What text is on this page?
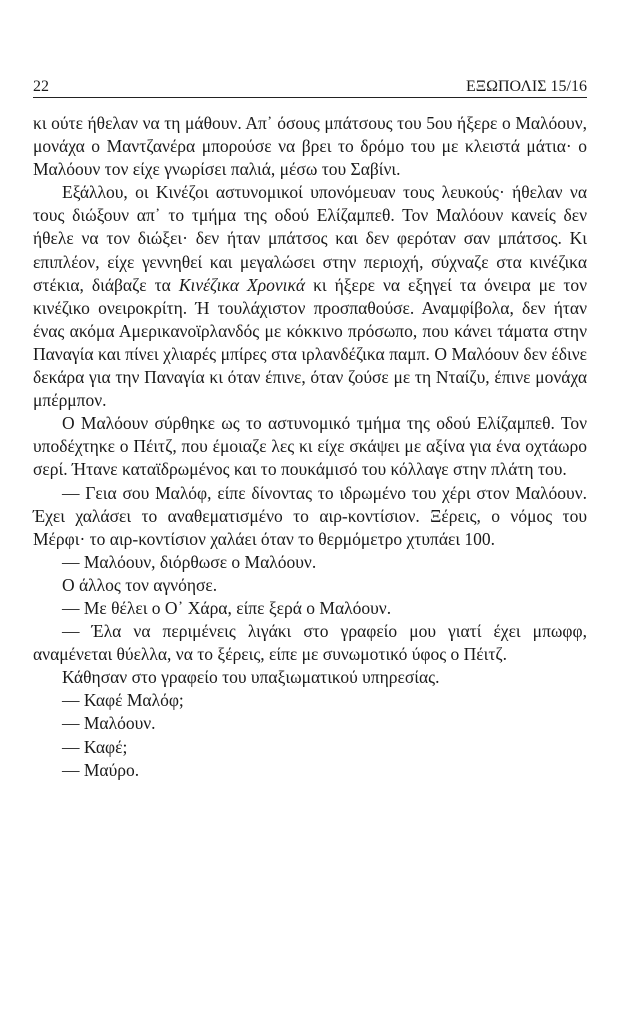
22	ΕΞΩΠΟΛΙΣ 15/16

κι ούτε ήθελαν να τη μάθουν. Απ᾽ όσους μπάτσους του 5ου ήξερε ο Μαλόουν, μονάχα ο Μαντζανέρα μπορούσε να βρει το δρόμο του με κλειστά μάτια· ο Μαλόουν τον είχε γνωρίσει παλιά, μέσω του Σαβίνι.

Εξάλλου, οι Κινέζοι αστυνομικοί υπονόμευαν τους λευκούς· ήθελαν να τους διώξουν απ᾽ το τμήμα της οδού Ελίζαμπεθ. Τον Μαλόουν κανείς δεν ήθελε να τον διώξει· δεν ήταν μπάτσος και δεν φερόταν σαν μπάτσος. Κι επιπλέον, είχε γεννηθεί και μεγαλώσει στην περιοχή, σύχναζε στα κινέζικα στέκια, διάβαζε τα Κινέζικα Χρονικά κι ήξερε να εξηγεί τα όνειρα με τον κινέζικο ονειροκρίτη. Ή τουλάχιστον προσπαθούσε. Αναμφίβολα, δεν ήταν ένας ακόμα Αμερικανοϊρλανδός με κόκκινο πρόσωπο, που κάνει τάματα στην Παναγία και πίνει χλιαρές μπίρες στα ιρλανδέζικα παμπ. Ο Μαλόουν δεν έδινε δεκάρα για την Παναγία κι όταν έπινε, όταν ζούσε με τη Νταίζυ, έπινε μονάχα μπέρμπον.

Ο Μαλόουν σύρθηκε ως το αστυνομικό τμήμα της οδού Ελίζαμπεθ. Τον υποδέχτηκε ο Πέιτζ, που έμοιαζε λες κι είχε σκάψει με αξίνα για ένα οχτάωρο σερί. Ήτανε καταϊδρωμένος και το πουκάμισό του κόλλαγε στην πλάτη του.

— Γεια σου Μαλόφ, είπε δίνοντας το ιδρωμένο του χέρι στον Μαλόουν. Έχει χαλάσει το αναθεματισμένο το αιρ-κοντίσιον. Ξέρεις, ο νόμος του Μέρφι· το αιρ-κοντίσιον χαλάει όταν το θερμόμετρο χτυπάει 100.

— Μαλόουν, διόρθωσε ο Μαλόουν.

Ο άλλος τον αγνόησε.

— Με θέλει ο Ο᾽ Χάρα, είπε ξερά ο Μαλόουν.

— Έλα να περιμένεις λιγάκι στο γραφείο μου γιατί έχει μπωφφ, αναμένεται θύελλα, να το ξέρεις, είπε με συνωμοτικό ύφος ο Πέιτζ.

Κάθησαν στο γραφείο του υπαξιωματικού υπηρεσίας.

— Καφέ Μαλόφ;

— Μαλόουν.

— Καφέ;

— Μαύρο.
